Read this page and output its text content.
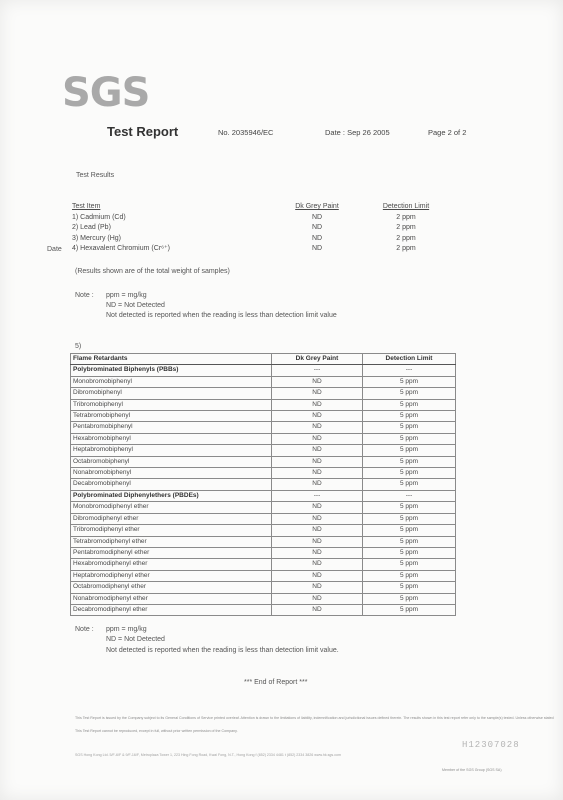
SGS
Test Report	No. 2035946/EC	Date : Sep 26 2005	Page 2 of 2
Test Results
Date
Test Item	Dk Grey Paint	Detection Limit
1) Cadmium (Cd)	ND	2 ppm
2) Lead (Pb)	ND	2 ppm
3) Mercury (Hg)	ND	2 ppm
4) Hexavalent Chromium (Cr⁶⁺)	ND	2 ppm
(Results shown are of the total weight of samples)
Note : ppm = mg/kg
ND = Not Detected
Not detected is reported when the reading is less than detection limit value
5)
Flame Retardants	Dk Grey Paint	Detection Limit
Polybrominated Biphenyls (PBBs)	---	---
Monobromobiphenyl	ND	5 ppm
Dibromobiphenyl	ND	5 ppm
Tribromobiphenyl	ND	5 ppm
Tetrabromobiphenyl	ND	5 ppm
Pentabromobiphenyl	ND	5 ppm
Hexabromobiphenyl	ND	5 ppm
Heptabromobiphenyl	ND	5 ppm
Octabromobiphenyl	ND	5 ppm
Nonabromobiphenyl	ND	5 ppm
Decabromobiphenyl	ND	5 ppm
Polybrominated Diphenylethers (PBDEs)	---	---
Monobromodiphenyl ether	ND	5 ppm
Dibromodiphenyl ether	ND	5 ppm
Tribromodiphenyl ether	ND	5 ppm
Tetrabromodiphenyl ether	ND	5 ppm
Pentabromodiphenyl ether	ND	5 ppm
Hexabromodiphenyl ether	ND	5 ppm
Heptabromodiphenyl ether	ND	5 ppm
Octabromodiphenyl ether	ND	5 ppm
Nonabromodiphenyl ether	ND	5 ppm
Decabromodiphenyl ether	ND	5 ppm
Note : ppm = mg/kg
ND = Not Detected
Not detected is reported when the reading is less than detection limit value.
*** End of Report ***
This Test Report is issued by the Company subject to its General Conditions of Service printed overleaf. Attention is drawn to the limitations of liability, indemnification and jurisdictional issues defined therein. The results shown in this test report refer only to the sample(s) tested. Unless otherwise stated
This Test Report cannot be reproduced, except in full, without prior written permission of the Company.
H12307028
SGS Hong Kong Ltd. 5/F-6/F & 9/F-16/F, Metroplaza Tower 1, 223 Hing Fong Road, Kwai Fong, N.T., Hong Kong f (852) 2334 4481 t (852) 2334 3826 www.hk.sgs.com
Member of the SGS Group (SGS SA)
